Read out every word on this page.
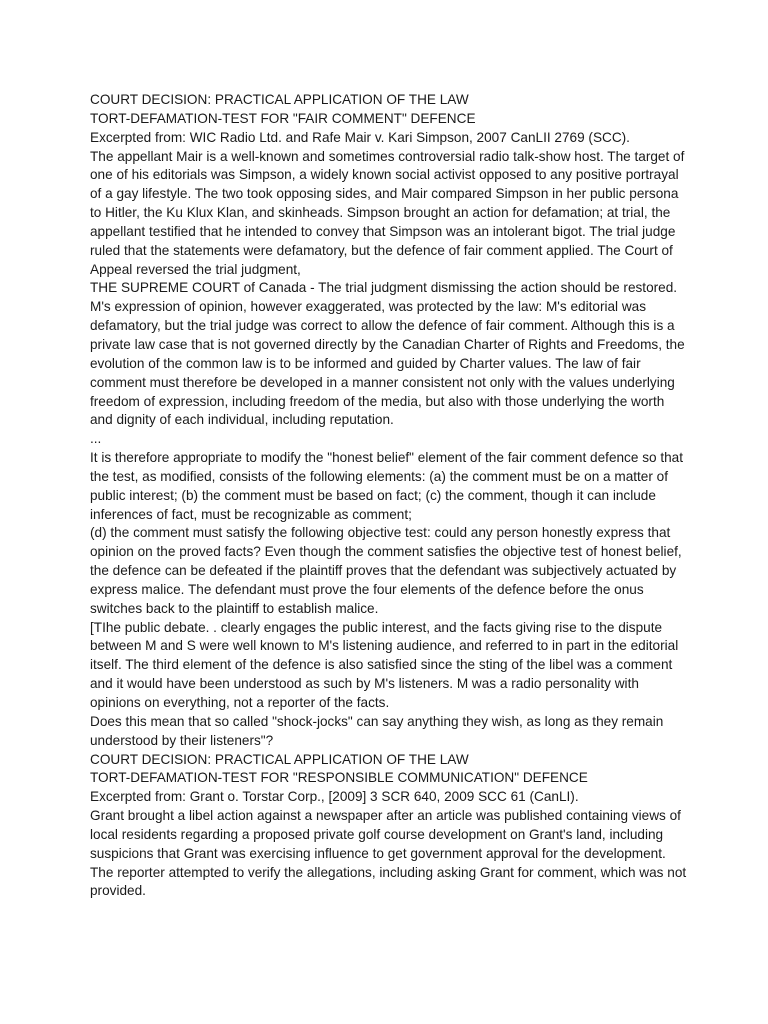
COURT DECISION: PRACTICAL APPLICATION OF THE LAW

TORT-DEFAMATION-TEST FOR "FAIR COMMENT" DEFENCE

Excerpted from: WIC Radio Ltd. and Rafe Mair v. Kari Simpson, 2007 CanLII 2769 (SCC).

The appellant Mair is a well-known and sometimes controversial radio talk-show host. The target of one of his editorials was Simpson, a widely known social activist opposed to any positive portrayal of a gay lifestyle. The two took opposing sides, and Mair compared Simpson in her public persona to Hitler, the Ku Klux Klan, and skinheads. Simpson brought an action for defamation; at trial, the appellant testified that he intended to convey that Simpson was an intolerant bigot. The trial judge ruled that the statements were defamatory, but the defence of fair comment applied. The Court of Appeal reversed the trial judgment,

THE SUPREME COURT of Canada - The trial judgment dismissing the action should be restored. M's expression of opinion, however exaggerated, was protected by the law: M's editorial was defamatory, but the trial judge was correct to allow the defence of fair comment. Although this is a private law case that is not governed directly by the Canadian Charter of Rights and Freedoms, the evolution of the common law is to be informed and guided by Charter values. The law of fair comment must therefore be developed in a manner consistent not only with the values underlying freedom of expression, including freedom of the media, but also with those underlying the worth and dignity of each individual, including reputation.

...

It is therefore appropriate to modify the "honest belief" element of the fair comment defence so that the test, as modified, consists of the following elements: (a) the comment must be on a matter of public interest; (b) the comment must be based on fact; (c) the comment, though it can include inferences of fact, must be recognizable as comment;

(d) the comment must satisfy the following objective test: could any person honestly express that opinion on the proved facts? Even though the comment satisfies the objective test of honest belief, the defence can be defeated if the plaintiff proves that the defendant was subjectively actuated by express malice. The defendant must prove the four elements of the defence before the onus switches back to the plaintiff to establish malice.

[TIhe public debate. . clearly engages the public interest, and the facts giving rise to the dispute between M and S were well known to M's listening audience, and referred to in part in the editorial itself. The third element of the defence is also satisfied since the sting of the libel was a comment and it would have been understood as such by M's listeners. M was a radio personality with opinions on everything, not a reporter of the facts.

Does this mean that so called "shock-jocks" can say anything they wish, as long as they remain understood by their listeners"?

COURT DECISION: PRACTICAL APPLICATION OF THE LAW

TORT-DEFAMATION-TEST FOR "RESPONSIBLE COMMUNICATION" DEFENCE

Excerpted from: Grant o. Torstar Corp., [2009] 3 SCR 640, 2009 SCC 61 (CanLI).

Grant brought a libel action against a newspaper after an article was published containing views of local residents regarding a proposed private golf course development on Grant's land, including suspicions that Grant was exercising influence to get government approval for the development. The reporter attempted to verify the allegations, including asking Grant for comment, which was not provided.
